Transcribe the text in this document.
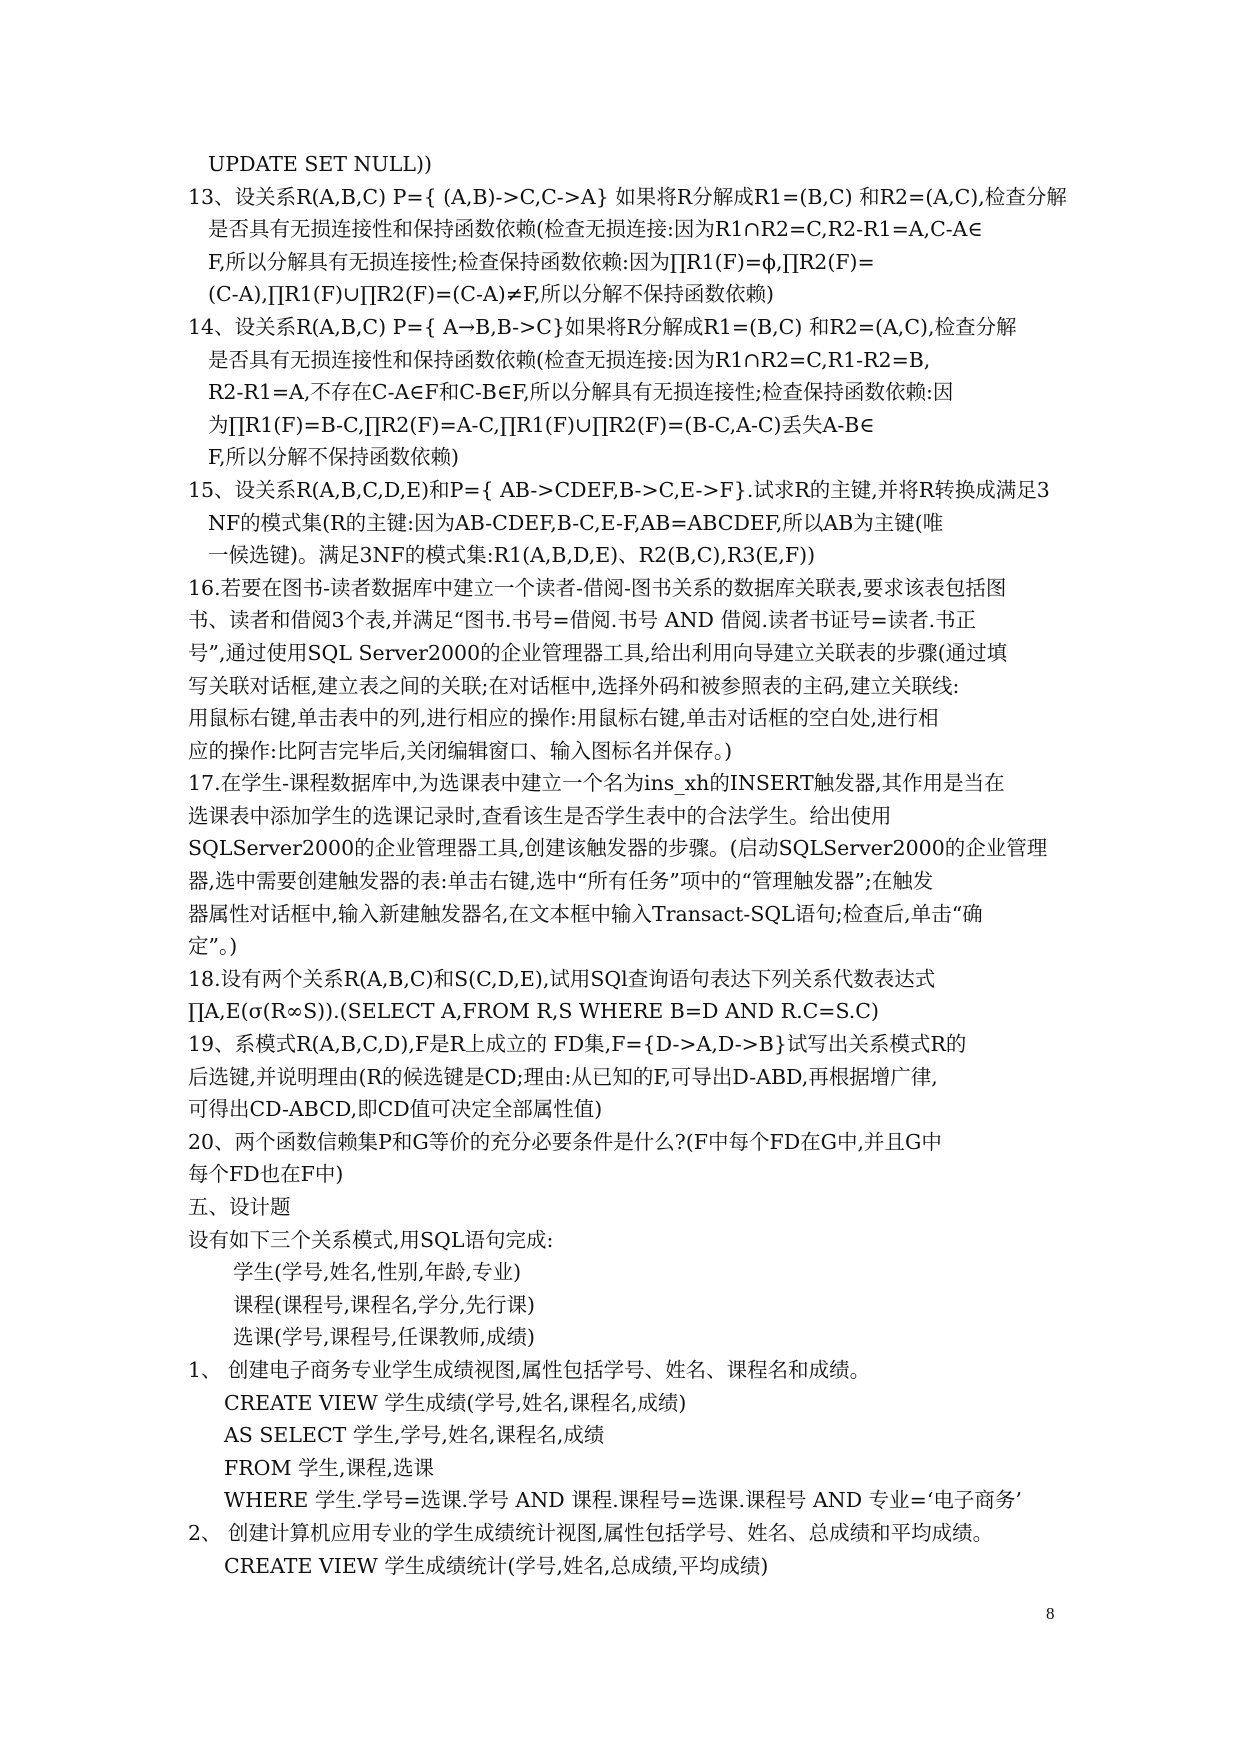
UPDATE SET NULL))
13、设关系R(A,B,C) P={ (A,B)->C,C->A} 如果将R分解成R1=(B,C) 和R2=(A,C),检查分解
是否具有无损连接性和保持函数依赖(检查无损连接:因为R1∩R2=C,R2-R1=A,C-A∈
F,所以分解具有无损连接性;检查保持函数依赖:因为∏R1(F)=ϕ,∏R2(F)=
(C-A),∏R1(F)∪∏R2(F)=(C-A)≠F,所以分解不保持函数依赖)
14、设关系R(A,B,C) P={ A→B,B->C}如果将R分解成R1=(B,C) 和R2=(A,C),检查分解
是否具有无损连接性和保持函数依赖(检查无损连接:因为R1∩R2=C,R1-R2=B,
R2-R1=A,不存在C-A∈F和C-B∈F,所以分解具有无损连接性;检查保持函数依赖:因
为∏R1(F)=B-C,∏R2(F)=A-C,∏R1(F)∪∏R2(F)=(B-C,A-C)丢失A-B∈
F,所以分解不保持函数依赖)
15、设关系R(A,B,C,D,E)和P={ AB->CDEF,B->C,E->F}.试求R的主键,并将R转换成满足3
NF的模式集(R的主键:因为AB-CDEF,B-C,E-F,AB=ABCDEF,所以AB为主键(唯
一候选键)。满足3NF的模式集:R1(A,B,D,E)、R2(B,C),R3(E,F))
16.若要在图书-读者数据库中建立一个读者-借阅-图书关系的数据库关联表,要求该表包括图
书、读者和借阅3个表,并满足“图书.书号=借阅.书号 AND 借阅.读者书证号=读者.书正
号”,通过使用SQL Server2000的企业管理器工具,给出利用向导建立关联表的步骤(通过填
写关联对话框,建立表之间的关联;在对话框中,选择外码和被参照表的主码,建立关联线:
用鼠标右键,单击表中的列,进行相应的操作:用鼠标右键,单击对话框的空白处,进行相
应的操作:比阿吉完毕后,关闭编辑窗口、输入图标名并保存。)
17.在学生-课程数据库中,为选课表中建立一个名为ins_xh的INSERT触发器,其作用是当在
选课表中添加学生的选课记录时,查看该生是否学生表中的合法学生。给出使用
SQLServer2000的企业管理器工具,创建该触发器的步骤。(启动SQLServer2000的企业管理
器,选中需要创建触发器的表:单击右键,选中“所有任务”项中的“管理触发器”;在触发
器属性对话框中,输入新建触发器名,在文本框中输入Transact-SQL语句;检查后,单击“确
定”。)
18.设有两个关系R(A,B,C)和S(C,D,E),试用SQl查询语句表达下列关系代数表达式
∏A,E(σ(R∞S)).(SELECT A,FROM R,S WHERE B=D AND R.C=S.C)
19、系模式R(A,B,C,D),F是R上成立的 FD集,F={D->A,D->B}试写出关系模式R的
后选键,并说明理由(R的候选键是CD;理由:从已知的F,可导出D-ABD,再根据增广律,
可得出CD-ABCD,即CD值可决定全部属性值)
20、两个函数信赖集P和G等价的充分必要条件是什么?(F中每个FD在G中,并且G中
每个FD也在F中)
五、设计题
设有如下三个关系模式,用SQL语句完成:
学生(学号,姓名,性别,年龄,专业)
课程(课程号,课程名,学分,先行课)
选课(学号,课程号,任课教师,成绩)
1、 创建电子商务专业学生成绩视图,属性包括学号、姓名、课程名和成绩。
CREATE VIEW 学生成绩(学号,姓名,课程名,成绩)
AS SELECT 学生,学号,姓名,课程名,成绩
FROM 学生,课程,选课
WHERE 学生.学号=选课.学号 AND 课程.课程号=选课.课程号 AND 专业=‘电子商务’
2、 创建计算机应用专业的学生成绩统计视图,属性包括学号、姓名、总成绩和平均成绩。
CREATE VIEW 学生成绩统计(学号,姓名,总成绩,平均成绩)
8
